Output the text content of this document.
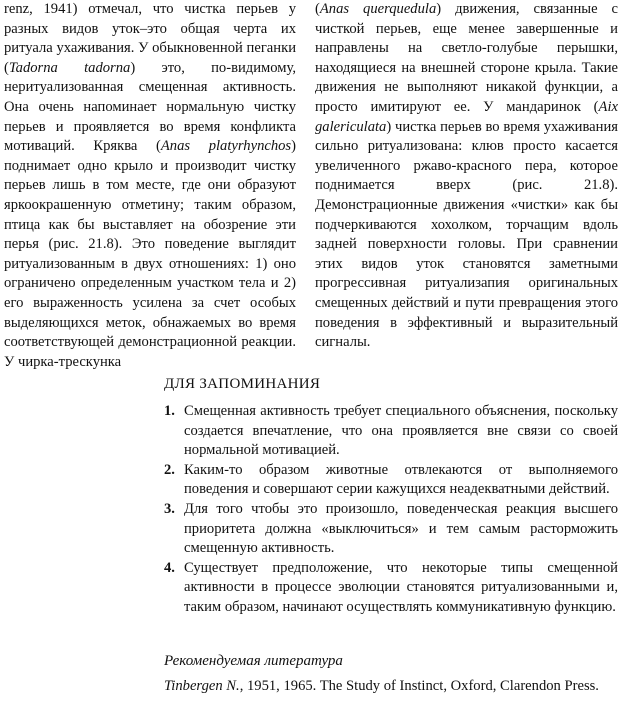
renz, 1941) отмечал, что чистка перьев у разных видов уток–это общая черта их ритуала ухаживания. У обыкновенной пеганки (Tadorna tadorna) это, по-видимому, неритуализованная смещенная активность. Она очень напоминает нормальную чистку перьев и проявляется во время конфликта мотиваций. Кряква (Anas platyrhynchos) поднимает одно крыло и производит чистку перьев лишь в том месте, где они образуют яркоокрашенную отметину; таким образом, птица как бы выставляет на обозрение эти перья (рис. 21.8). Это поведение выглядит ритуализованным в двух отношениях: 1) оно ограничено определенным участком тела и 2) его выраженность усилена за счет особых выделяющихся меток, обнажаемых во время соответствующей демонстрационной реакции. У чирка-трескунка

(Anas querquedula) движения, связанные с чисткой перьев, еще менее завершенные и направлены на светло-голубые перышки, находящиеся на внешней стороне крыла. Такие движения не выполняют никакой функции, а просто имитируют ее. У мандаринок (Aix galericulata) чистка перьев во время ухаживания сильно ритуализована: клюв просто касается увеличенного ржаво-красного пера, которое поднимается вверх (рис. 21.8). Демонстрационные движения «чистки» как бы подчеркиваются хохолком, торчащим вдоль задней поверхности головы. При сравнении этих видов уток становятся заметными прогрессивная ритуализапия оригинальных смещенных действий и пути превращения этого поведения в эффективный и выразительный сигналы.

ДЛЯ ЗАПОМИНАНИЯ
1. Смещенная активность требует специального объяснения, поскольку создается впечатление, что она проявляется вне связи со своей нормальной мотивацией.
2. Каким-то образом животные отвлекаются от выполняемого поведения и совершают серии кажущихся неадекватными действий.
3. Для того чтобы это произошло, поведенческая реакция высшего приоритета должна «выключиться» и тем самым расторможить смещенную активность.
4. Существует предположение, что некоторые типы смещенной активности в процессе эволюции становятся ритуализованными и, таким образом, начинают осуществлять коммуникативную функцию.
Рекомендуемая литература

Tinbergen N., 1951, 1965. The Study of Instinct, Oxford, Clarendon Press.
